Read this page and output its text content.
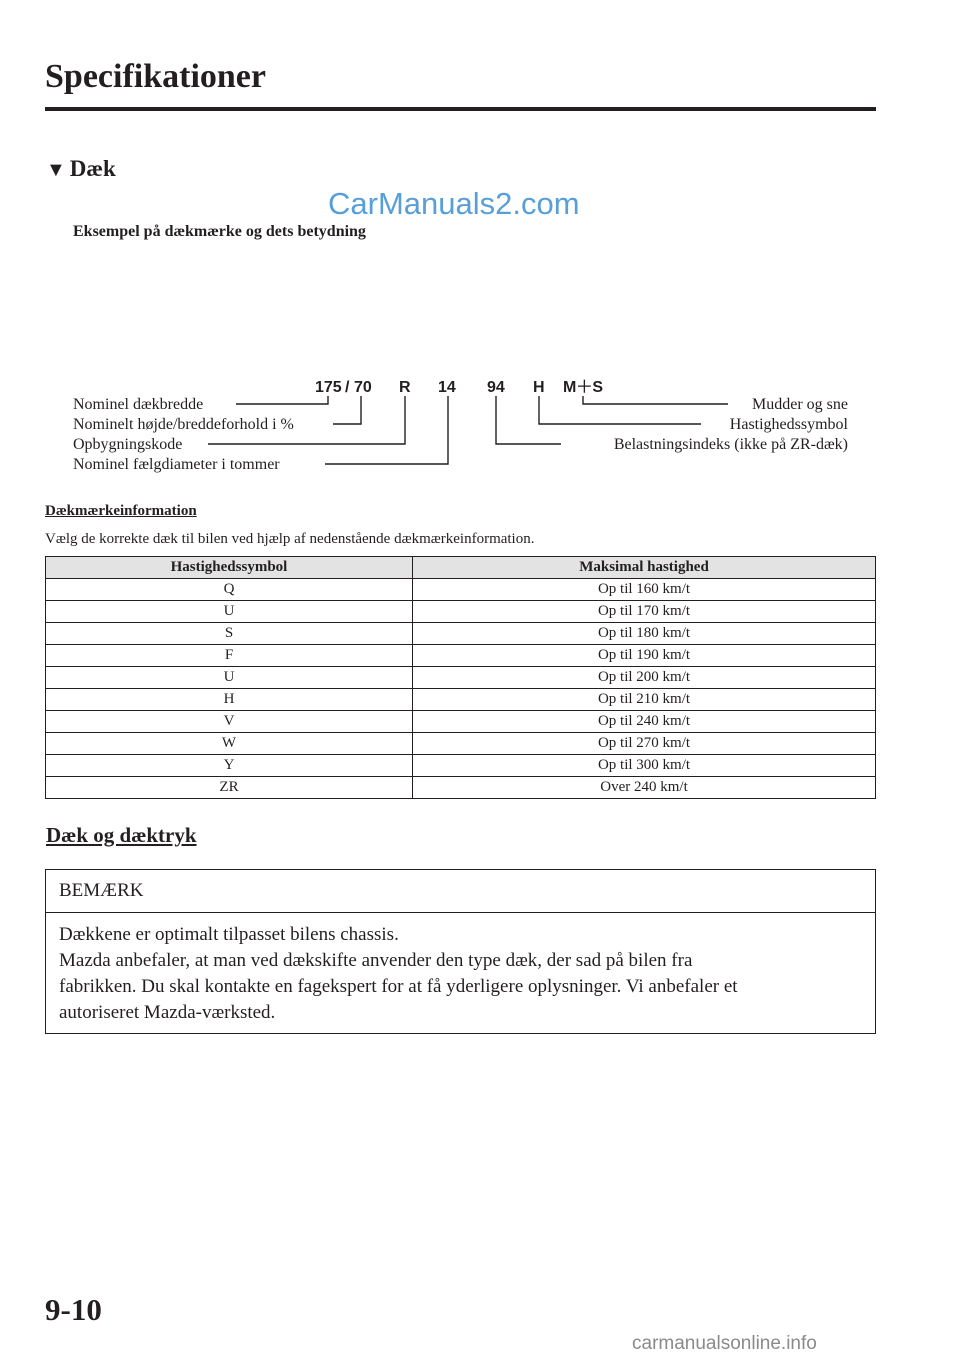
Specifikationer
▼ Dæk
CarManuals2.com
Eksempel på dækmærke og dets betydning
175 / 70 R 14 94 H M＋S
Nominel dækbredde
Nominelt højde/breddeforhold i %
Opbygningskode
Nominel fælgdiameter i tommer
Mudder og sne
Hastighedssymbol
Belastningsindeks (ikke på ZR-dæk)
Dækmærkeinformation
Vælg de korrekte dæk til bilen ved hjælp af nedenstående dækmærkeinformation.
Hastighedssymbol	Maksimal hastighed
Q	Op til 160 km/t
U	Op til 170 km/t
S	Op til 180 km/t
F	Op til 190 km/t
U	Op til 200 km/t
H	Op til 210 km/t
V	Op til 240 km/t
W	Op til 270 km/t
Y	Op til 300 km/t
ZR	Over 240 km/t
Dæk og dæktryk
BEMÆRK
Dækkene er optimalt tilpasset bilens chassis.
Mazda anbefaler, at man ved dækskifte anvender den type dæk, der sad på bilen fra
fabrikken. Du skal kontakte en fagekspert for at få yderligere oplysninger. Vi anbefaler et
autoriseret Mazda-værksted.
9-10
carmanualsonline.info
